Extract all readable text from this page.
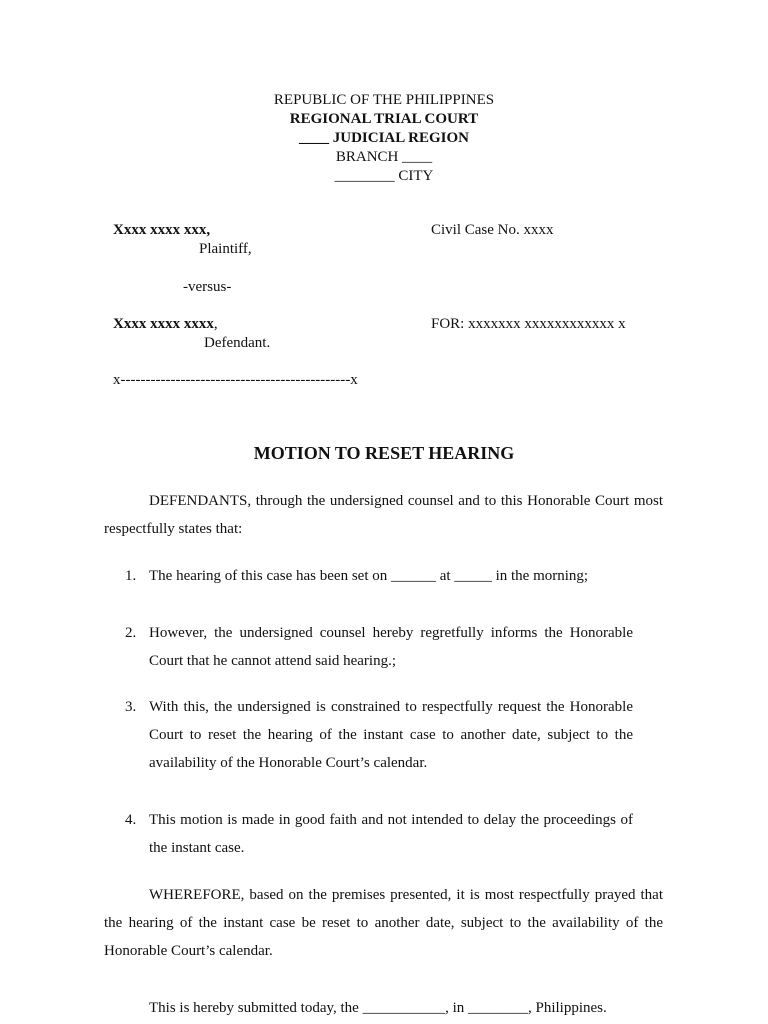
REPUBLIC OF THE PHILIPPINES
REGIONAL TRIAL COURT
____ JUDICIAL REGION
BRANCH ____
________ CITY
Xxxx xxxx xxx,
Plaintiff,
Civil Case No. xxxx
-versus-
Xxxx xxxx xxxx,
Defendant.
FOR: xxxxxxx xxxxxxxxxxxx x
x----------------------------------------------x
MOTION TO RESET HEARING
DEFENDANTS, through the undersigned counsel and to this Honorable Court most respectfully states that:
1. The hearing of this case has been set on ______ at _____ in the morning;
2. However, the undersigned counsel hereby regretfully informs the Honorable Court that he cannot attend said hearing.;
3. With this, the undersigned is constrained to respectfully request the Honorable Court to reset the hearing of the instant case to another date, subject to the availability of the Honorable Court’s calendar.
4. This motion is made in good faith and not intended to delay the proceedings of the instant case.
WHEREFORE, based on the premises presented, it is most respectfully prayed that the hearing of the instant case be reset to another date, subject to the availability of the Honorable Court’s calendar.
This is hereby submitted today, the ___________, in ________, Philippines.
